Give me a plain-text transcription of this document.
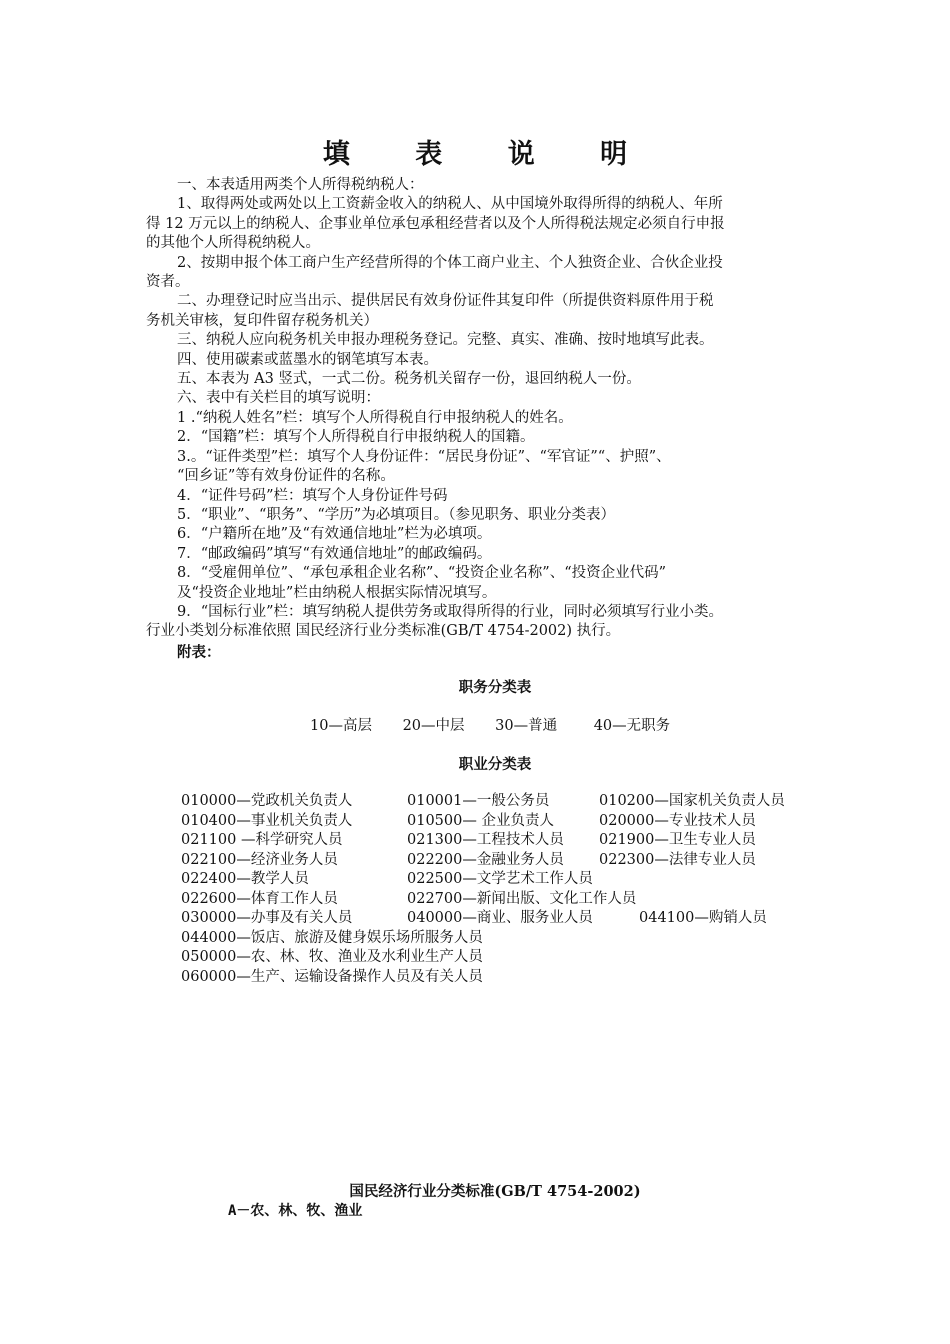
填 表 说 明
一、本表适用两类个人所得税纳税人：
1、取得两处或两处以上工资薪金收入的纳税人、从中国境外取得所得的纳税人、年所
得 12 万元以上的纳税人、企事业单位承包承租经营者以及个人所得税法规定必须自行申报
的其他个人所得税纳税人。
2、按期申报个体工商户生产经营所得的个体工商户业主、个人独资企业、合伙企业投
资者。
二、办理登记时应当出示、提供居民有效身份证件其复印件（所提供资料原件用于税
务机关审核，复印件留存税务机关）
三、纳税人应向税务机关申报办理税务登记。完整、真实、准确、按时地填写此表。
四、使用碳素或蓝墨水的钢笔填写本表。
五、本表为 A3 竖式，一式二份。税务机关留存一份，退回纳税人一份。
六、表中有关栏目的填写说明：
1 .“纳税人姓名”栏：填写个人所得税自行申报纳税人的姓名。
2．“国籍”栏：填写个人所得税自行申报纳税人的国籍。
3.。“证件类型”栏：填写个人身份证件：“居民身份证”、“军官证”“、护照”、
“回乡证”等有效身份证件的名称。
4．“证件号码”栏：填写个人身份证件号码
5．“职业”、“职务”、“学历”为必填项目。（参见职务、职业分类表）
6．“户籍所在地”及“有效通信地址”栏为必填项。
7．“邮政编码”填写“有效通信地址”的邮政编码。
8．“受雇佣单位”、“承包承租企业名称”、“投资企业名称”、“投资企业代码”
及“投资企业地址”栏由纳税人根据实际情况填写。
9．“国标行业”栏：填写纳税人提供劳务或取得所得的行业，同时必须填写行业小类。
行业小类划分标准依照 国民经济行业分类标准(GB/T 4754-2002) 执行。
附表：
职务分类表
10—高层 20—中层 30—普通	40—无职务
职业分类表
010000—党政机关负责人	010001—一般公务员	010200—国家机关负责人员
010400—事业机关负责人	010500— 企业负责人	020000—专业技术人员
021100 —科学研究人员	021300—工程技术人员 021900—卫生专业人员
022100—经济业务人员	022200—金融业务人员 022300—法律专业人员
022400—教学人员	022500—文学艺术工作人员
022600—体育工作人员	022700—新闻出版、文化工作人员
030000—办事及有关人员	040000—商业、服务业人员	044100—购销人员
044000—饭店、旅游及健身娱乐场所服务人员
050000—农、林、牧、渔业及水利业生产人员
060000—生产、运输设备操作人员及有关人员
国民经济行业分类标准(GB/T 4754-2002)
A－农、林、牧、渔业
